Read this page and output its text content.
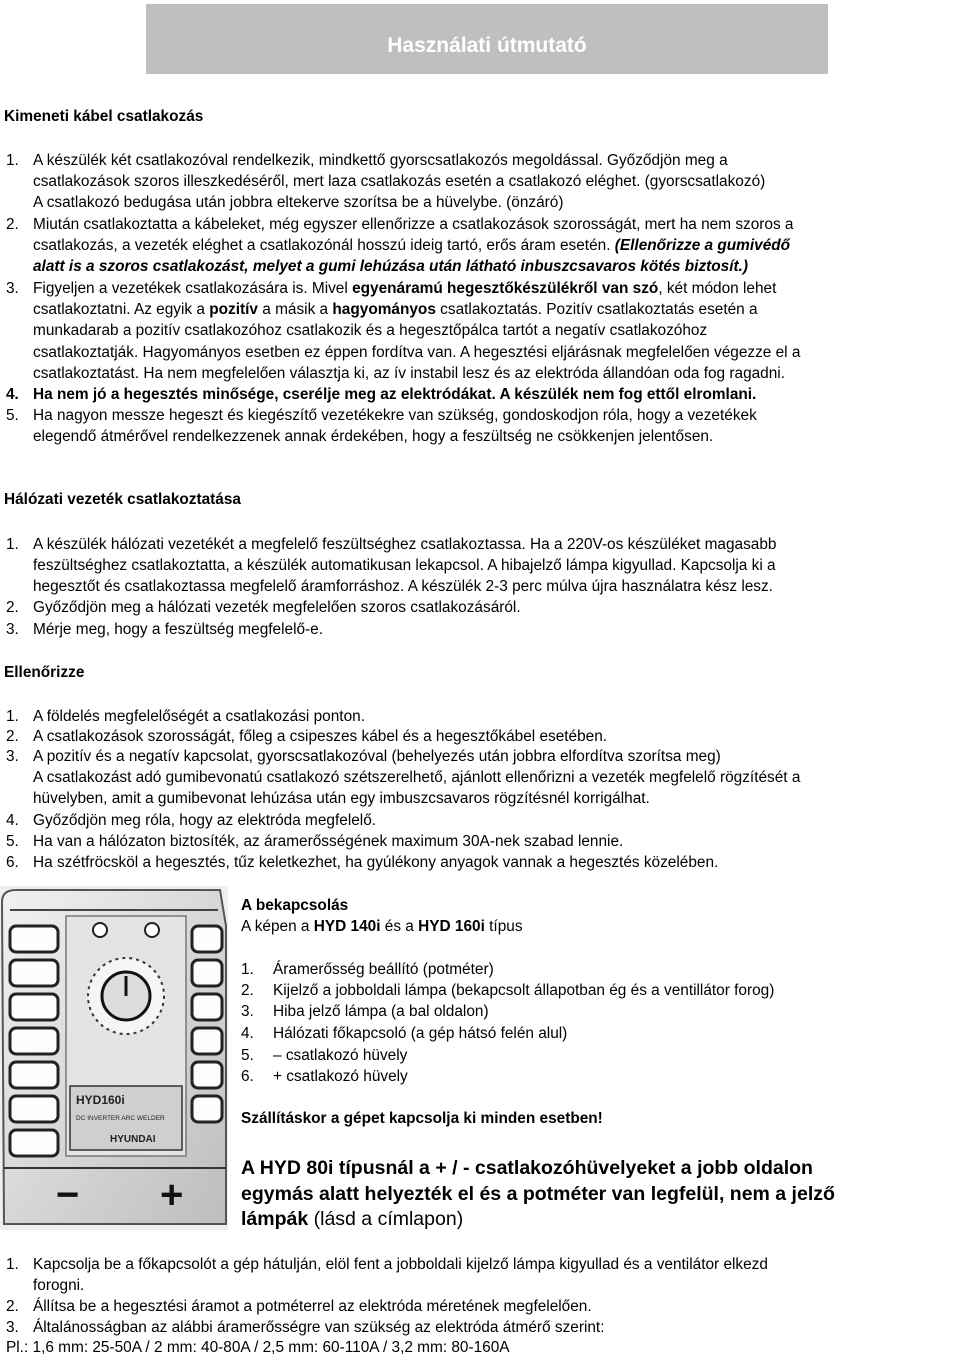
Használati útmutató
Kimeneti kábel csatlakozás
1. A készülék két csatlakozóval rendelkezik, mindkettő gyorscsatlakozós megoldással. Győződjön meg a
csatlakozások szoros illeszkedéséről, mert laza csatlakozás esetén a csatlakozó eléghet. (gyorscsatlakozó)
A csatlakozó bedugása után jobbra eltekerve szorítsa be a hüvelybe. (önzáró)
2. Miután csatlakoztatta a kábeleket, még egyszer ellenőrizze a csatlakozások szorosságát, mert ha nem szoros a
csatlakozás, a vezeték eléghet a csatlakozónál hosszú ideig tartó, erős áram esetén. (Ellenőrizze a gumivédő
alatt is a szoros csatlakozást, melyet a gumi lehúzása után látható inbuszcsavaros kötés biztosít.)
3. Figyeljen a vezetékek csatlakozására is. Mivel egyenáramú hegesztőkészülékről van szó, két módon lehet
csatlakoztatni. Az egyik a pozitív a másik a hagyományos csatlakoztatás. Pozitív csatlakoztatás esetén a
munkadarab a pozitív csatlakozóhoz csatlakozik és a hegesztőpálca tartót a negatív csatlakozóhoz
csatlakoztatják. Hagyományos esetben ez éppen fordítva van. A hegesztési eljárásnak megfelelően végezze el a
csatlakoztatást. Ha nem megfelelően választja ki, az ív instabil lesz és az elektróda állandóan oda fog ragadni.
4. Ha nem jó a hegesztés minősége, cserélje meg az elektródákat. A készülék nem fog ettől elromlani.
5. Ha nagyon messze hegeszt és kiegészítő vezetékekre van szükség, gondoskodjon róla, hogy a vezetékek
elegendő átmérővel rendelkezzenek annak érdekében, hogy a feszültség ne csökkenjen jelentősen.
Hálózati vezeték csatlakoztatása
1. A készülék hálózati vezetékét a megfelelő feszültséghez csatlakoztassa. Ha a 220V-os készüléket magasabb
feszültséghez csatlakoztatta, a készülék automatikusan lekapcsol. A hibajelző lámpa kigyullad. Kapcsolja ki a
hegesztőt és csatlakoztassa megfelelő áramforráshoz. A készülék 2-3 perc múlva újra használatra kész lesz.
2. Győződjön meg a hálózati vezeték megfelelően szoros csatlakozásáról.
3. Mérje meg, hogy a feszültség megfelelő-e.
Ellenőrizze
1. A földelés megfelelőségét a csatlakozási ponton.
2. A csatlakozások szorosságát, főleg a csipeszes kábel és a hegesztőkábel esetében.
3. A pozitív és a negatív kapcsolat, gyorscsatlakozóval (behelyezés után jobbra elfordítva szorítsa meg)
A csatlakozást adó gumibevonatú csatlakozó szétszerelhető, ajánlott ellenőrizni a vezeték megfelelő rögzítését a
hüvelyben, amit a gumibevonat lehúzása után egy imbuszcsavaros rögzítésnél korrigálhat.
4. Győződjön meg róla, hogy az elektróda megfelelő.
5. Ha van a hálózaton biztosíték, az áramerősségének maximum 30A-nek szabad lennie.
6. Ha szétfröcsköl a hegesztés, tűz keletkezhet, ha gyúlékony anyagok vannak a hegesztés közelében.
HYD160i
DC INVERTER ARC WELDER
HYUNDAI
− +
A bekapcsolás
A képen a HYD 140i és a HYD 160i típus
1. Áramerősség beállító (potméter)
2. Kijelző a jobboldali lámpa (bekapcsolt állapotban ég és a ventillátor forog)
3. Hiba jelző lámpa (a bal oldalon)
4. Hálózati főkapcsoló (a gép hátsó felén alul)
5. – csatlakozó hüvely
6. + csatlakozó hüvely
Szállításkor a gépet kapcsolja ki minden esetben!
A HYD 80i típusnál a + / - csatlakozóhüvelyeket a jobb oldalon
egymás alatt helyezték el és a potméter van legfelül, nem a jelző
lámpák (lásd a címlapon)
1. Kapcsolja be a főkapcsolót a gép hátulján, elöl fent a jobboldali kijelző lámpa kigyullad és a ventilátor elkezd
forogni.
2. Állítsa be a hegesztési áramot a potméterrel az elektróda méretének megfelelően.
3. Általánosságban az alábbi áramerősségre van szükség az elektróda átmérő szerint:
Pl.: 1,6 mm: 25-50A / 2 mm: 40-80A / 2,5 mm: 60-110A / 3,2 mm: 80-160A
